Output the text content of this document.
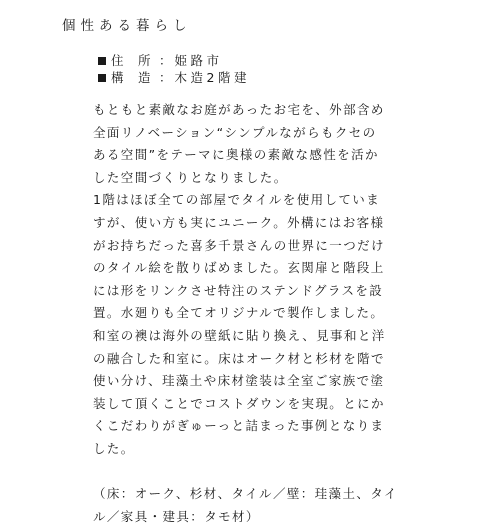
個性ある暮らし
住　所 ： 姫路市
構　造 ： 木造2階建
もともと素敵なお庭があったお宅を、外部含め
全面リノベーション“シンプルながらもクセの
ある空間”をテーマに奥様の素敵な感性を活か
した空間づくりとなりました。
1階はほぼ全ての部屋でタイルを使用していま
すが、使い方も実にユニーク。外構にはお客様
がお持ちだった喜多千景さんの世界に一つだけ
のタイル絵を散りばめました。玄関扉と階段上
には形をリンクさせ特注のステンドグラスを設
置。水廻りも全てオリジナルで製作しました。
和室の襖は海外の壁紙に貼り換え、見事和と洋
の融合した和室に。床はオーク材と杉材を階で
使い分け、珪藻土や床材塗装は全室ご家族で塗
装して頂くことでコストダウンを実現。とにか
くこだわりがぎゅーっと詰まった事例となりま
した。
（床：オーク、杉材、タイル／壁：珪藻土、タイ
ル／家具・建具：タモ材）
